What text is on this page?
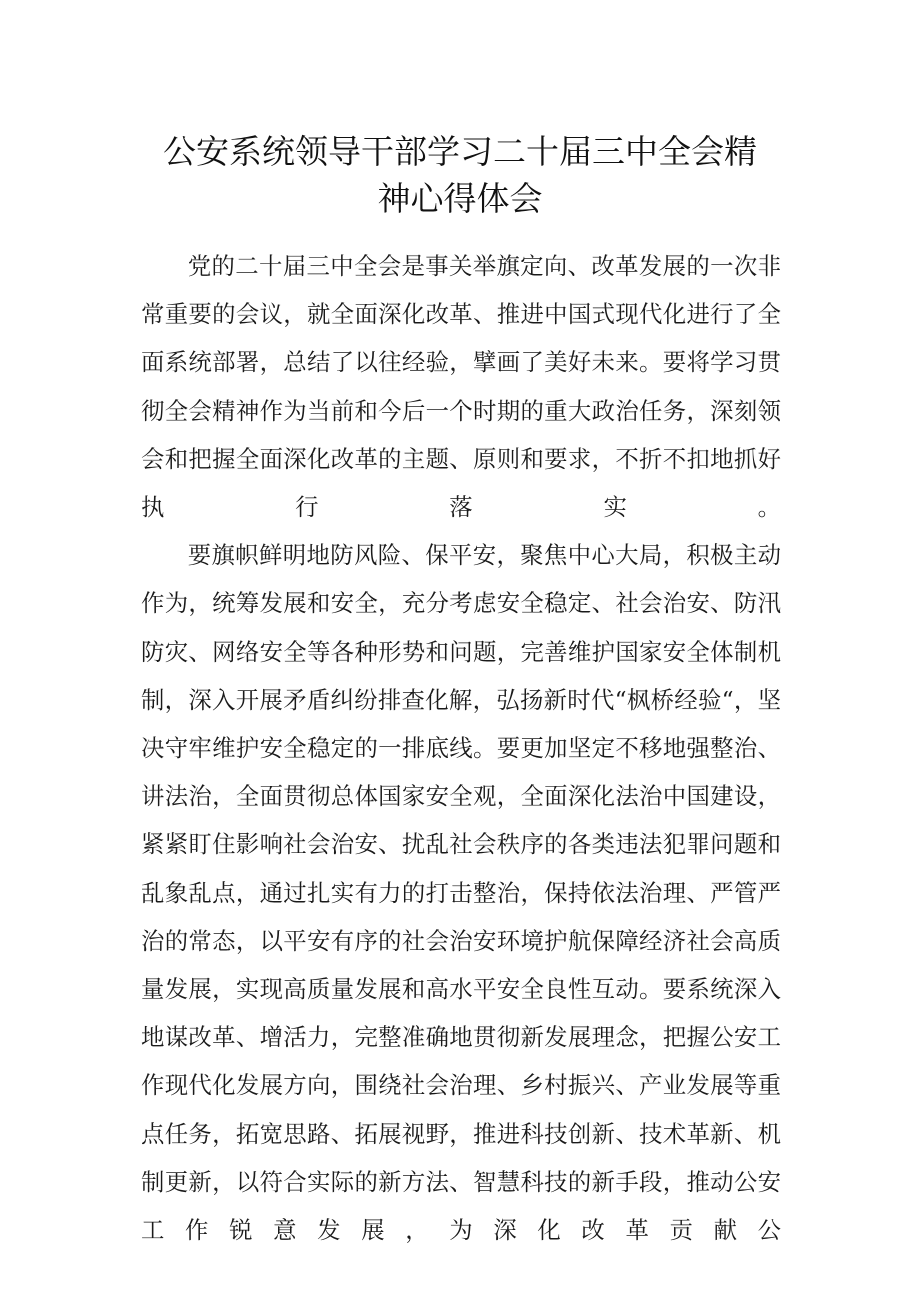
公安系统领导干部学习二十届三中全会精
神心得体会

党的二十届三中全会是事关举旗定向、改革发展的一次非常重要的会议，就全面深化改革、推进中国式现代化进行了全面系统部署，总结了以往经验，擘画了美好未来。要将学习贯彻全会精神作为当前和今后一个时期的重大政治任务，深刻领会和把握全面深化改革的主题、原则和要求，不折不扣地抓好执行落实。

要旗帜鲜明地防风险、保平安，聚焦中心大局，积极主动作为，统筹发展和安全，充分考虑安全稳定、社会治安、防汛防灾、网络安全等各种形势和问题，完善维护国家安全体制机制，深入开展矛盾纠纷排查化解，弘扬新时代“枫桥经验“，坚决守牢维护安全稳定的一排底线。要更加坚定不移地强整治、讲法治，全面贯彻总体国家安全观，全面深化法治中国建设，紧紧盯住影响社会治安、扰乱社会秩序的各类违法犯罪问题和乱象乱点，通过扎实有力的打击整治，保持依法治理、严管严治的常态，以平安有序的社会治安环境护航保障经济社会高质量发展，实现高质量发展和高水平安全良性互动。要系统深入地谋改革、增活力，完整准确地贯彻新发展理念，把握公安工作现代化发展方向，围绕社会治理、乡村振兴、产业发展等重点任务，拓宽思路、拓展视野，推进科技创新、技术革新、机制更新，以符合实际的新方法、智慧科技的新手段，推动公安工作锐意发展，为深化改革贡献公
